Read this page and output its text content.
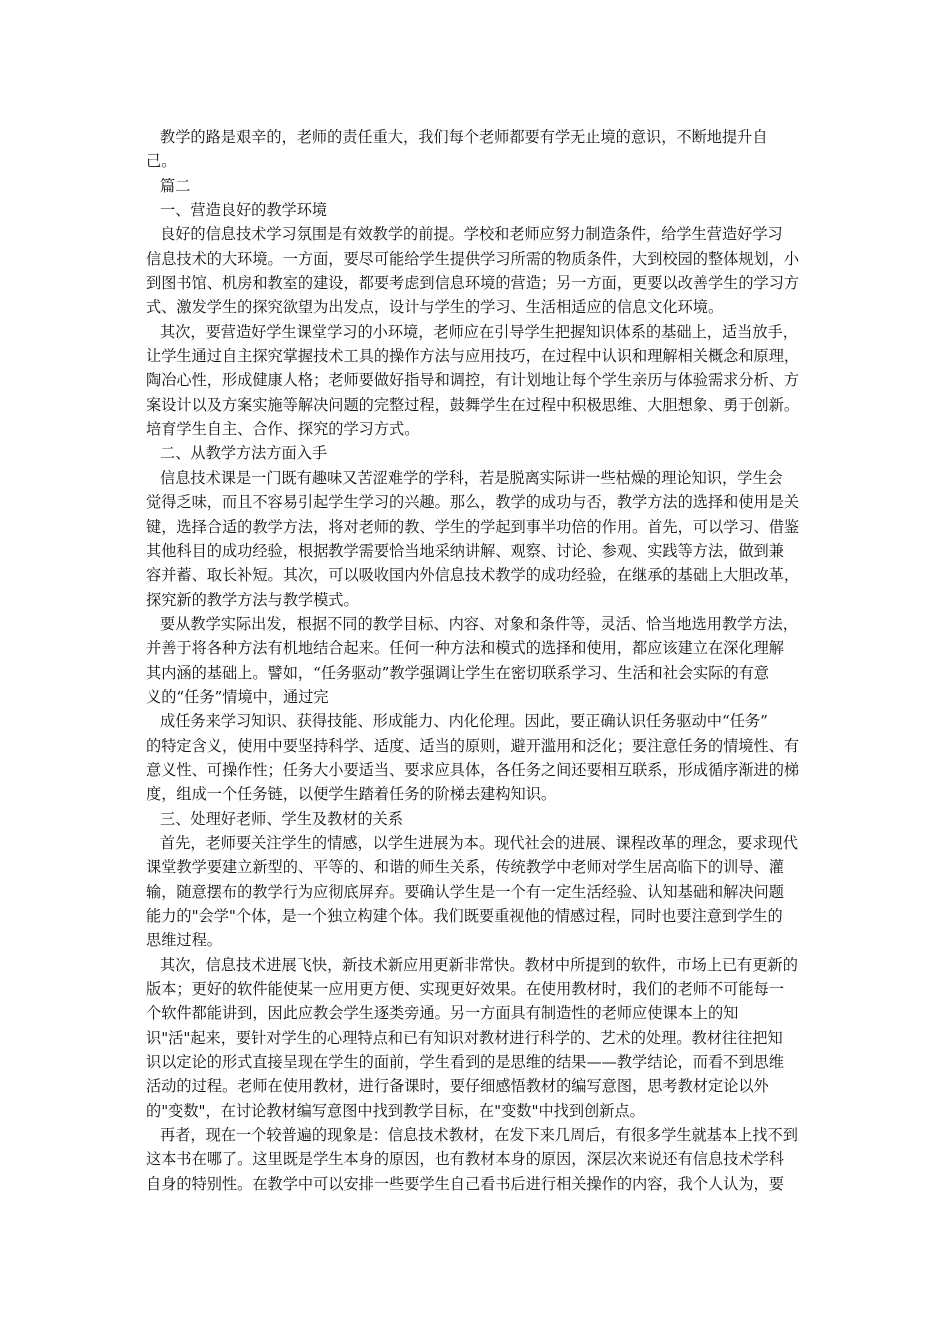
教学的路是艰辛的，老师的责任重大，我们每个老师都要有学无止境的意识，不断地提升自
己。
篇二
一、营造良好的教学环境
良好的信息技术学习氛围是有效教学的前提。学校和老师应努力制造条件，给学生营造好学习
信息技术的大环境。一方面，要尽可能给学生提供学习所需的物质条件，大到校园的整体规划，小
到图书馆、机房和教室的建设，都要考虑到信息环境的营造；另一方面，更要以改善学生的学习方
式、激发学生的探究欲望为出发点，设计与学生的学习、生活相适应的信息文化环境。
其次，要营造好学生课堂学习的小环境，老师应在引导学生把握知识体系的基础上，适当放手，
让学生通过自主探究掌握技术工具的操作方法与应用技巧，在过程中认识和理解相关概念和原理，
陶冶心性，形成健康人格；老师要做好指导和调控，有计划地让每个学生亲历与体验需求分析、方
案设计以及方案实施等解决问题的完整过程，鼓舞学生在过程中积极思维、大胆想象、勇于创新。
培育学生自主、合作、探究的学习方式。
二、从教学方法方面入手
信息技术课是一门既有趣味又苦涩难学的学科，若是脱离实际讲一些枯燥的理论知识，学生会
觉得乏味，而且不容易引起学生学习的兴趣。那么，教学的成功与否，教学方法的选择和使用是关
键，选择合适的教学方法，将对老师的教、学生的学起到事半功倍的作用。首先，可以学习、借鉴
其他科目的成功经验，根据教学需要恰当地采纳讲解、观察、讨论、参观、实践等方法，做到兼
容并蓄、取长补短。其次，可以吸收国内外信息技术教学的成功经验，在继承的基础上大胆改革，
探究新的教学方法与教学模式。
要从教学实际出发，根据不同的教学目标、内容、对象和条件等，灵活、恰当地选用教学方法，
并善于将各种方法有机地结合起来。任何一种方法和模式的选择和使用，都应该建立在深化理解
其内涵的基础上。譬如，“任务驱动”教学强调让学生在密切联系学习、生活和社会实际的有意
义的“任务”情境中，通过完
成任务来学习知识、获得技能、形成能力、内化伦理。因此，要正确认识任务驱动中“任务”
的特定含义，使用中要坚持科学、适度、适当的原则，避开滥用和泛化；要注意任务的情境性、有
意义性、可操作性；任务大小要适当、要求应具体，各任务之间还要相互联系，形成循序渐进的梯
度，组成一个任务链，以便学生踏着任务的阶梯去建构知识。
三、处理好老师、学生及教材的关系
首先，老师要关注学生的情感，以学生进展为本。现代社会的进展、课程改革的理念，要求现代
课堂教学要建立新型的、平等的、和谐的师生关系，传统教学中老师对学生居高临下的训导、灌
输，随意摆布的教学行为应彻底屏弃。要确认学生是一个有一定生活经验、认知基础和解决问题
能力的"会学"个体，是一个独立构建个体。我们既要重视他的情感过程，同时也要注意到学生的
思维过程。
其次，信息技术进展飞快，新技术新应用更新非常快。教材中所提到的软件，市场上已有更新的
版本；更好的软件能使某一应用更方便、实现更好效果。在使用教材时，我们的老师不可能每一
个软件都能讲到，因此应教会学生逐类旁通。另一方面具有制造性的老师应使课本上的知
识"活"起来，要针对学生的心理特点和已有知识对教材进行科学的、艺术的处理。教材往往把知
识以定论的形式直接呈现在学生的面前，学生看到的是思维的结果——教学结论，而看不到思维
活动的过程。老师在使用教材，进行备课时，要仔细感悟教材的编写意图，思考教材定论以外
的"变数"，在讨论教材编写意图中找到教学目标，在"变数"中找到创新点。
再者，现在一个较普遍的现象是：信息技术教材，在发下来几周后，有很多学生就基本上找不到
这本书在哪了。这里既是学生本身的原因，也有教材本身的原因，深层次来说还有信息技术学科
自身的特别性。在教学中可以安排一些要学生自己看书后进行相关操作的内容，我个人认为，要
